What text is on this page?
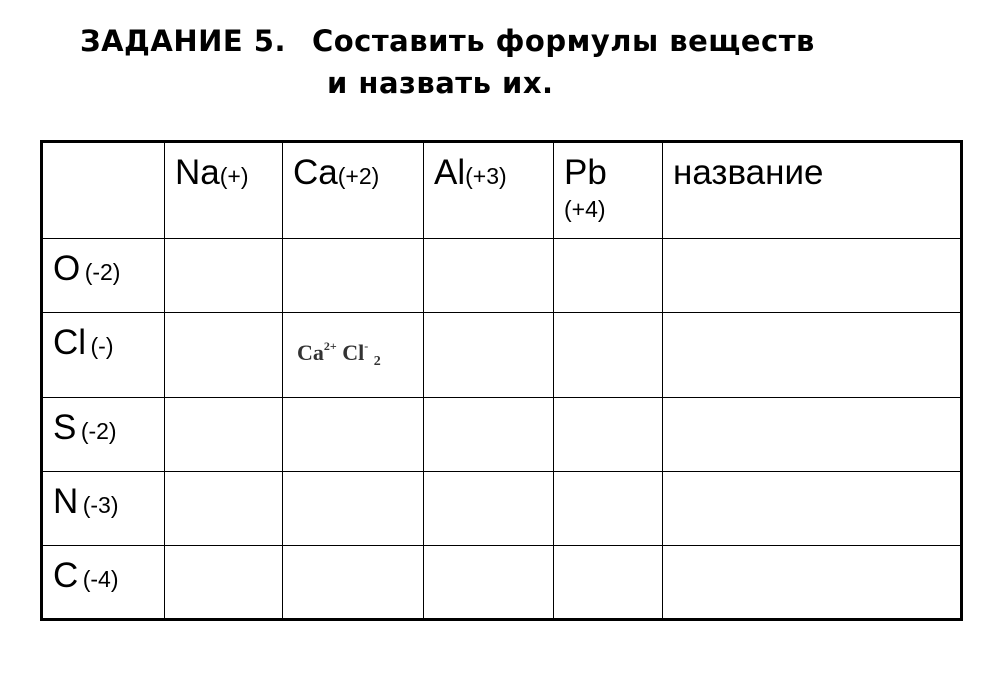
ЗАДАНИЕ 5. Составить формулы веществ
и назвать их.
	Na(+)	Ca(+2)	Al(+3)	Pb
(+4)	название
O (-2)					
Cl (-)		$Ca^{2+}$ Cl- $_2$			
S (-2)					
N (-3)					
C (-4)					
